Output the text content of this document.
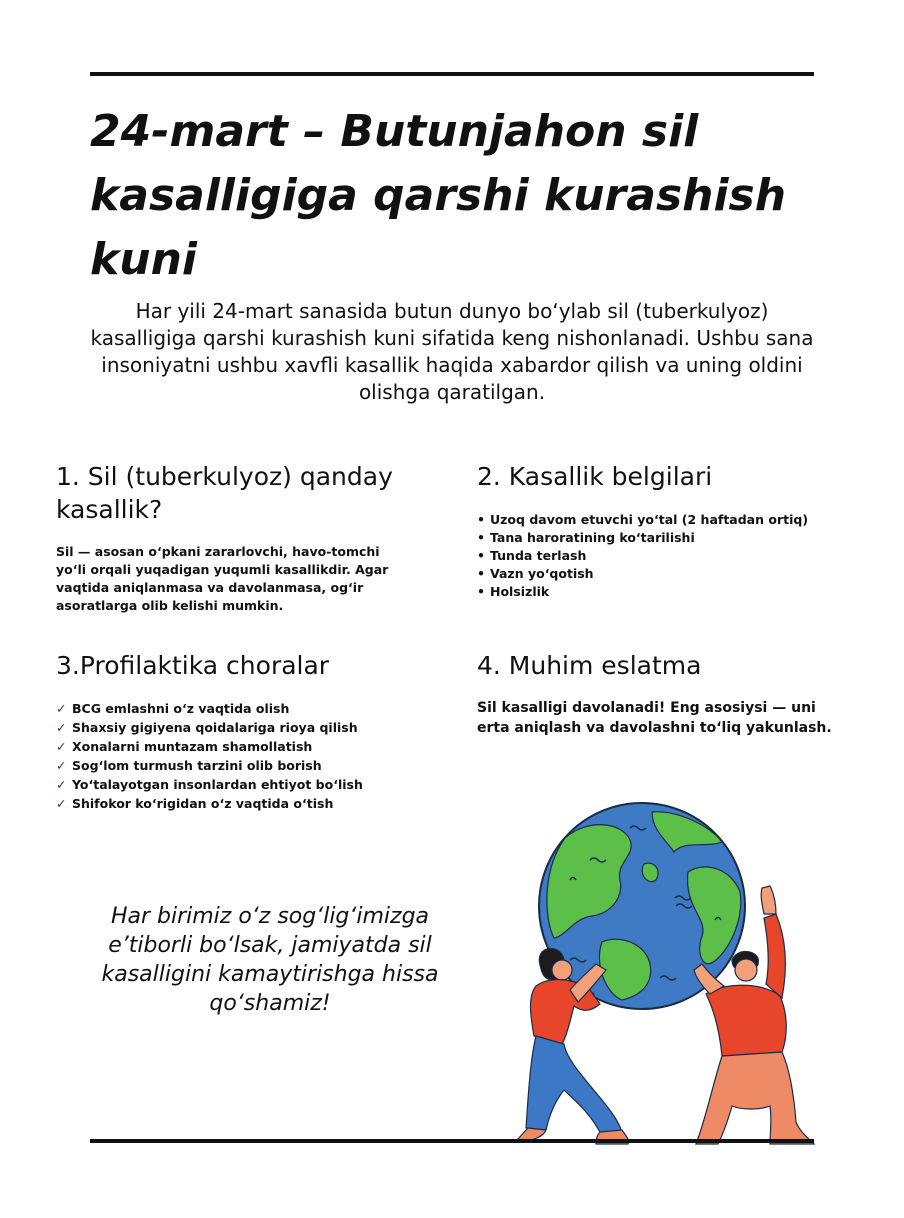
24-mart – Butunjahon sil kasalligiga qarshi kurashish kuni

Har yili 24-mart sanasida butun dunyo bo‘ylab sil (tuberkulyoz) kasalligiga qarshi kurashish kuni sifatida keng nishonlanadi. Ushbu sana insoniyatni ushbu xavfli kasallik haqida xabardor qilish va uning oldini olishga qaratilgan.

1. Sil (tuberkulyoz) qanday kasallik?

Sil — asosan o‘pkani zararlovchi, havo-tomchi yo‘li orqali yuqadigan yuqumli kasallikdir. Agar vaqtida aniqlanmasa va davolanmasa, og‘ir asoratlarga olib kelishi mumkin.

2. Kasallik belgilari
• Uzoq davom etuvchi yo‘tal (2 haftadan ortiq)
• Tana haroratining ko‘tarilishi
• Tunda terlash
• Vazn yo‘qotish
• Holsizlik
3.Profilaktika choralar
✓ BCG emlashni o‘z vaqtida olish
✓ Shaxsiy gigiyena qoidalariga rioya qilish
✓ Xonalarni muntazam shamollatish
✓ Sog‘lom turmush tarzini olib borish
✓ Yo‘talayotgan insonlardan ehtiyot bo‘lish
✓ Shifokor ko‘rigidan o‘z vaqtida o‘tish
4. Muhim eslatma

Sil kasalligi davolanadi! Eng asosiysi — uni erta aniqlash va davolashni to‘liq yakunlash.

Har birimiz o‘z sog‘lig‘imizga e’tiborli bo‘lsak, jamiyatda sil kasalligini kamaytirishga hissa qo‘shamiz!
